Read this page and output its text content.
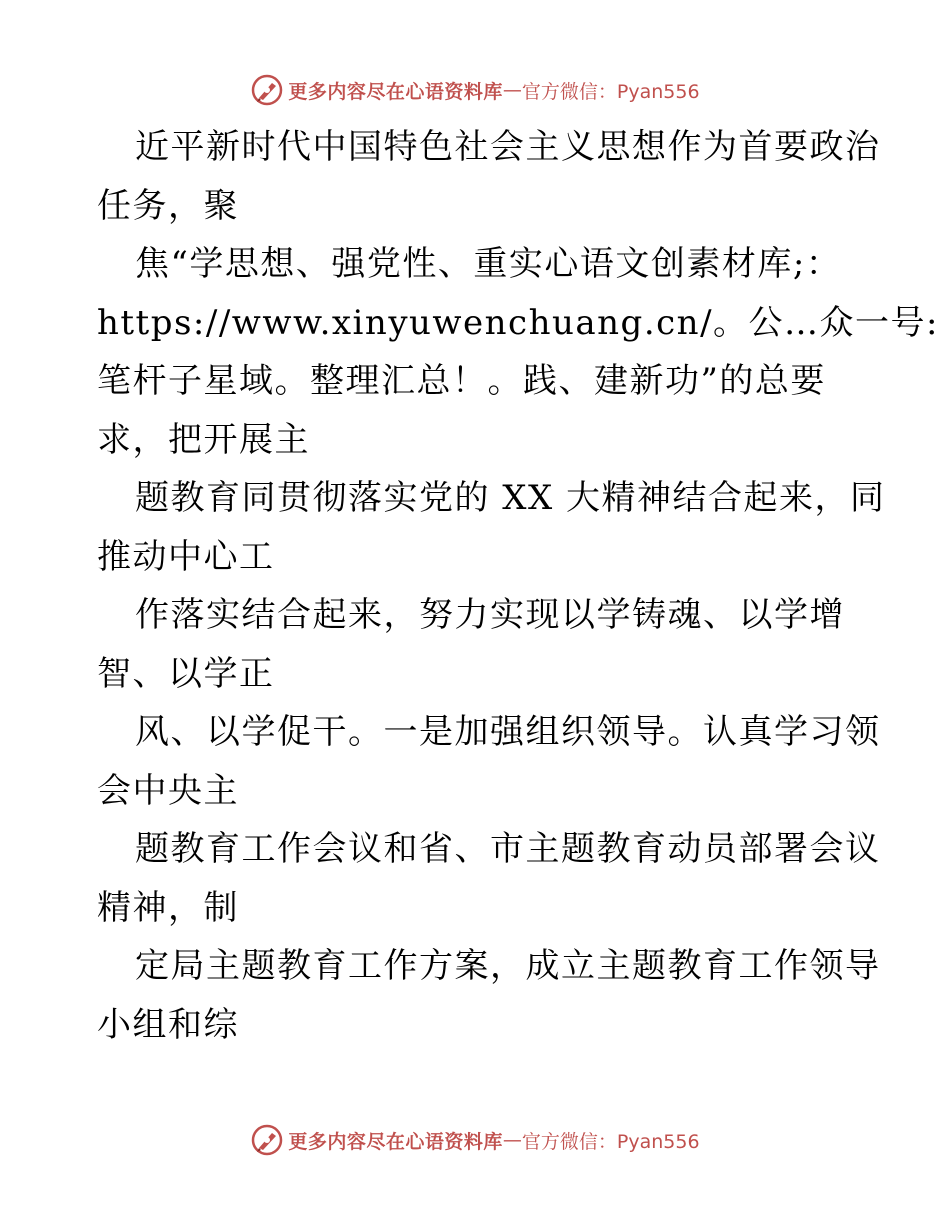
更多内容尽在心语资料库 — 官方微信：Pyan556
近平新时代中国特色社会主义思想作为首要政治
任务，聚
焦“学思想、强党性、重实心语文创素材库;：
https://www.xinyuwenchuang.cn/。公…众一号:
笔杆子星域。整理汇总！。践、建新功”的总要
求，把开展主
题教育同贯彻落实党的 XX 大精神结合起来，同
推动中心工
作落实结合起来，努力实现以学铸魂、以学增
智、以学正
风、以学促干。一是加强组织领导。认真学习领
会中央主
题教育工作会议和省、市主题教育动员部署会议
精神，制
定局主题教育工作方案，成立主题教育工作领导
小组和综
更多内容尽在心语资料库 — 官方微信：Pyan556
